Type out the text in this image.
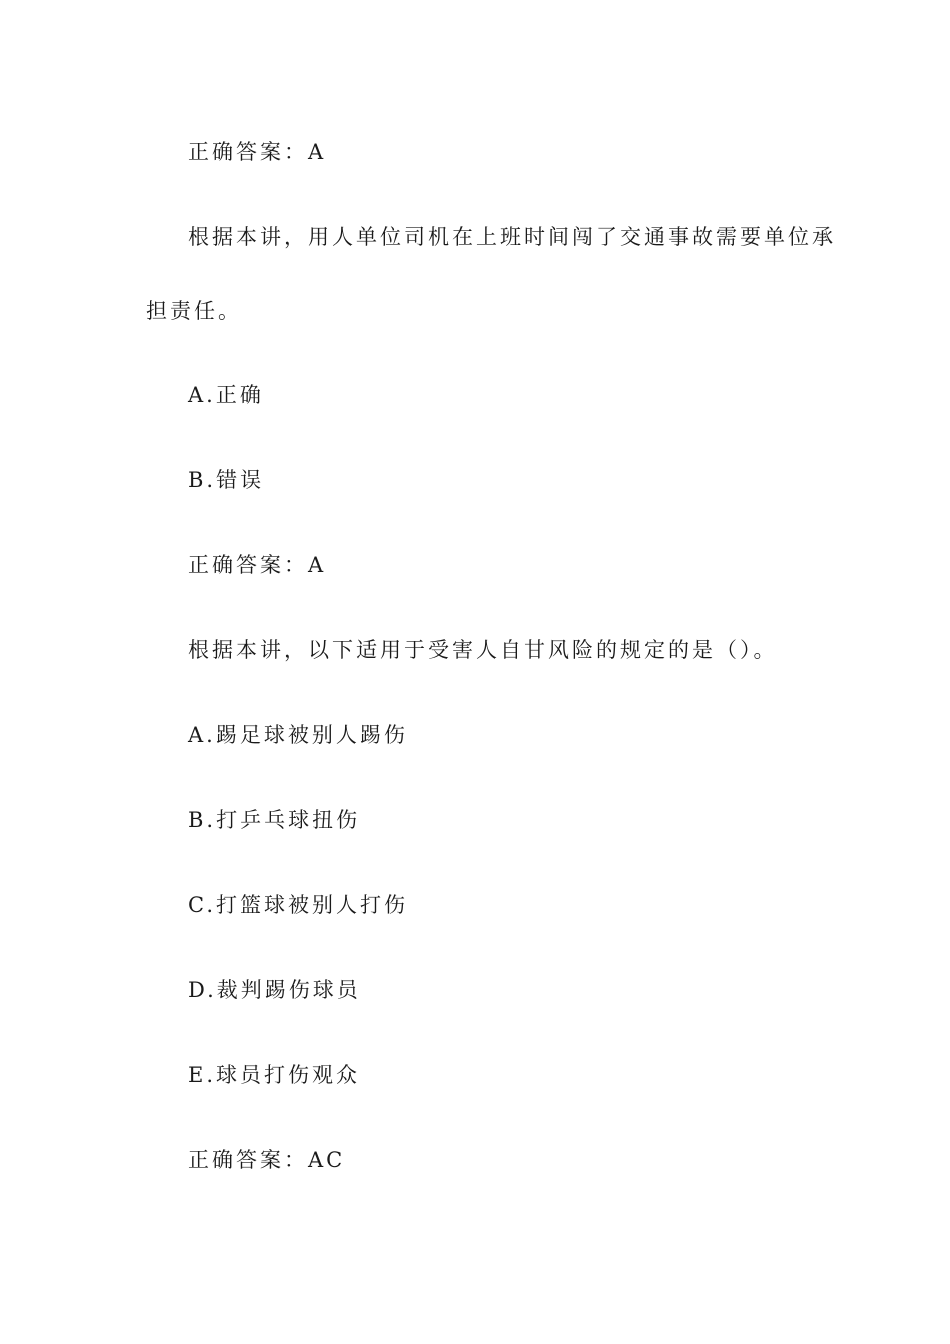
正确答案：A
根据本讲，用人单位司机在上班时间闯了交通事故需要单位承
担责任。
A.正确
B.错误
正确答案：A
根据本讲，以下适用于受害人自甘风险的规定的是（）。
A.踢足球被别人踢伤
B.打乒乓球扭伤
C.打篮球被别人打伤
D.裁判踢伤球员
E.球员打伤观众
正确答案：AC
